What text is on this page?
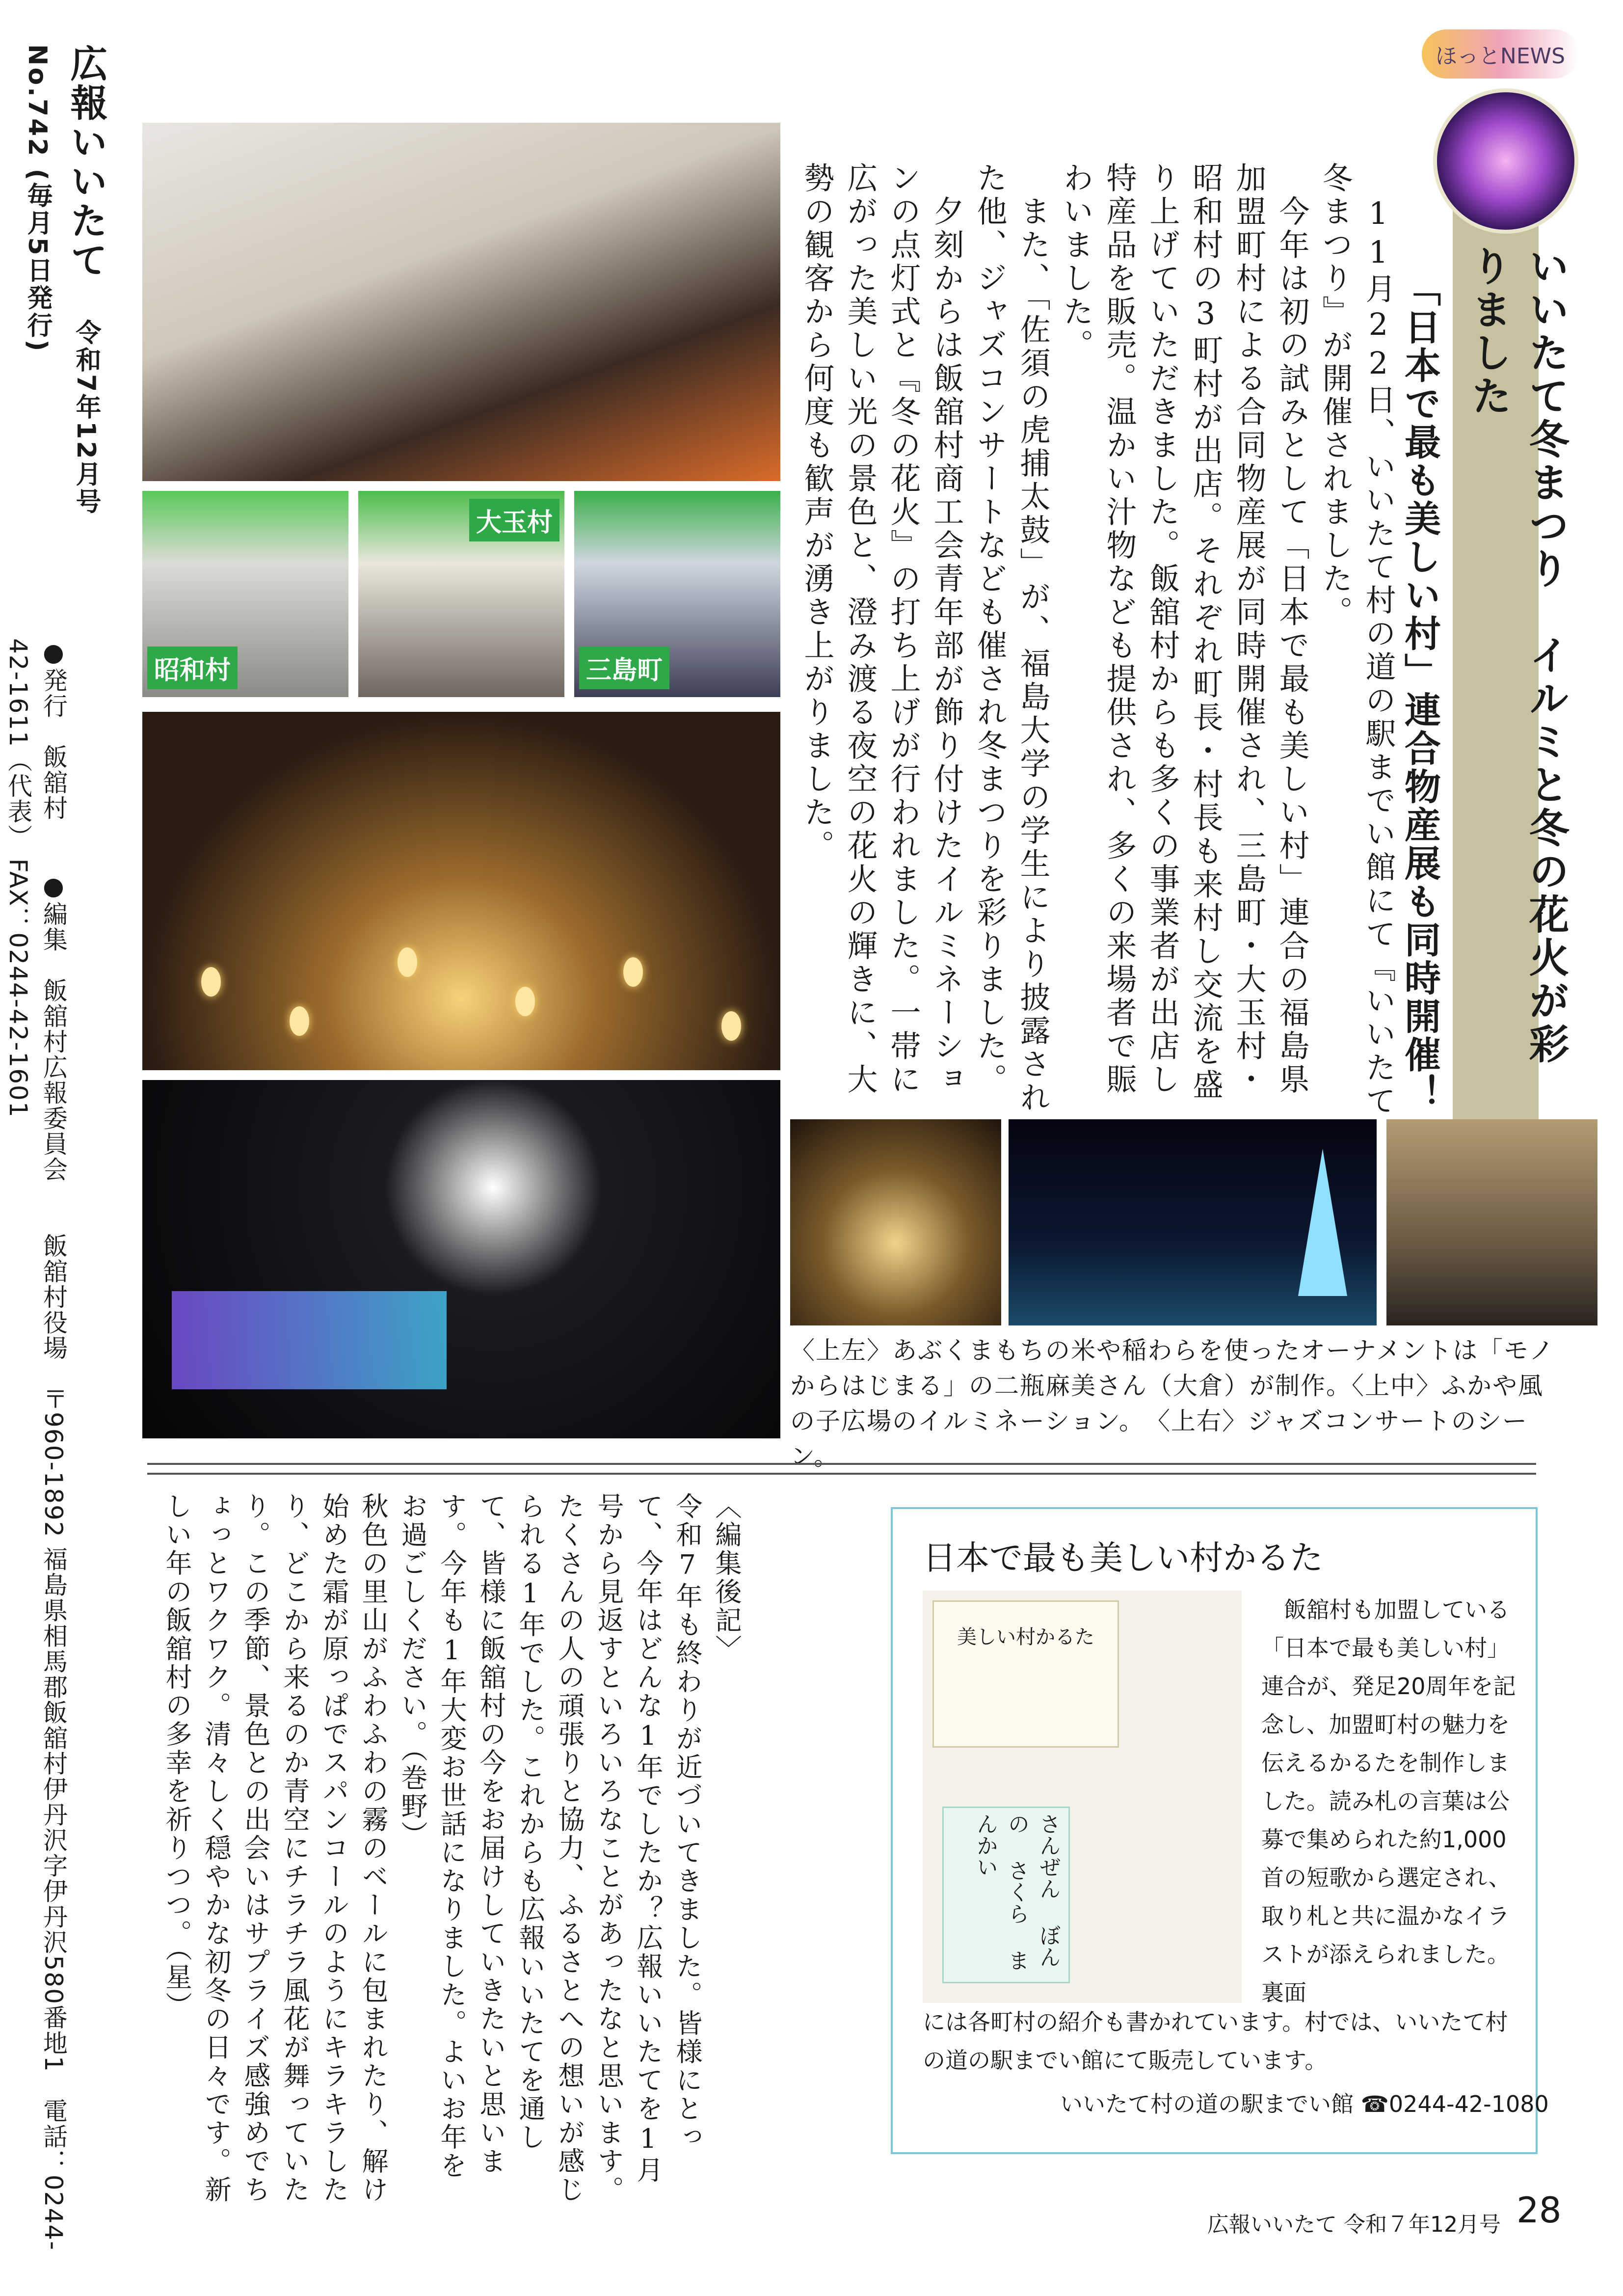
広報いいたて　令和7年12月号 No.742 (毎月5日発行)
●発行　飯舘村　　●編集　飯舘村広報委員会　　飯舘村役場　〒960-1892 福島県相馬郡飯舘村伊丹沢字伊丹沢580番地1　電話：0244-42-1611（代表） FAX：0244-42-1601
ほっとNEWS
いいたて冬まつり　イルミと冬の花火が彩りました
「日本で最も美しい村」連合物産展も同時開催！
　11月22日、いいたて村の道の駅までい館にて『いいたて冬まつり』が開催されました。
　今年は初の試みとして「日本で最も美しい村」連合の福島県加盟町村による合同物産展が同時開催され、三島町・大玉村・昭和村の3町村が出店。それぞれ町長・村長も来村し交流を盛り上げていただきました。飯舘村からも多くの事業者が出店し特産品を販売。温かい汁物なども提供され、多くの来場者で賑わいました。
　また、「佐須の虎捕太鼓」が、福島大学の学生により披露された他、ジャズコンサートなども催され冬まつりを彩りました。
　夕刻からは飯舘村商工会青年部が飾り付けたイルミネーションの点灯式と『冬の花火』の打ち上げが行われました。一帯に広がった美しい光の景色と、澄み渡る夜空の花火の輝きに、大勢の観客から何度も歓声が湧き上がりました。
昭和村
大玉村
三島町
〈上左〉あぶくまもちの米や稲わらを使ったオーナメントは「モノからはじまる」の二瓶麻美さん（大倉）が制作。〈上中〉ふかや風の子広場のイルミネーション。　〈上右〉ジャズコンサートのシーン。
〈編集後記〉
令和7年も終わりが近づいてきました。皆様にとって、今年はどんな1年でしたか？広報いいたてを1月号から見返すといろいろなことがあったなと思います。たくさんの人の頑張りと協力、ふるさとへの想いが感じられる1年でした。これからも広報いいたてを通して、皆様に飯舘村の今をお届けしていきたいと思います。今年も1年大変お世話になりました。よいお年をお過ごしください。（巻野）
秋色の里山がふわふわの霧のベールに包まれたり、解け始めた霜が原っぱでスパンコールのようにキラキラしたり、どこから来るのか青空にチラチラ風花が舞っていたり。この季節、景色との出会いはサプライズ感強めでちょっとワクワク。清々しく穏やかな初冬の日々です。新しい年の飯舘村の多幸を祈りつつ。（星）	日本で最も美しい村かるた
美しい村かるた
さんぜん ぼんの さくら まんかい
　飯舘村も加盟している「日本で最も美しい村」連合が、発足20周年を記念し、加盟町村の魅力を伝えるかるたを制作しました。読み札の言葉は公募で集められた約1,000首の短歌から選定され、取り札と共に温かなイラストが添えられました。裏面
には各町村の紹介も書かれています。村では、いいたて村の道の駅までい館にて販売しています。
いいたて村の道の駅までい館 ☎0244-42-1080
広報いいたて 令和７年12月号 28
